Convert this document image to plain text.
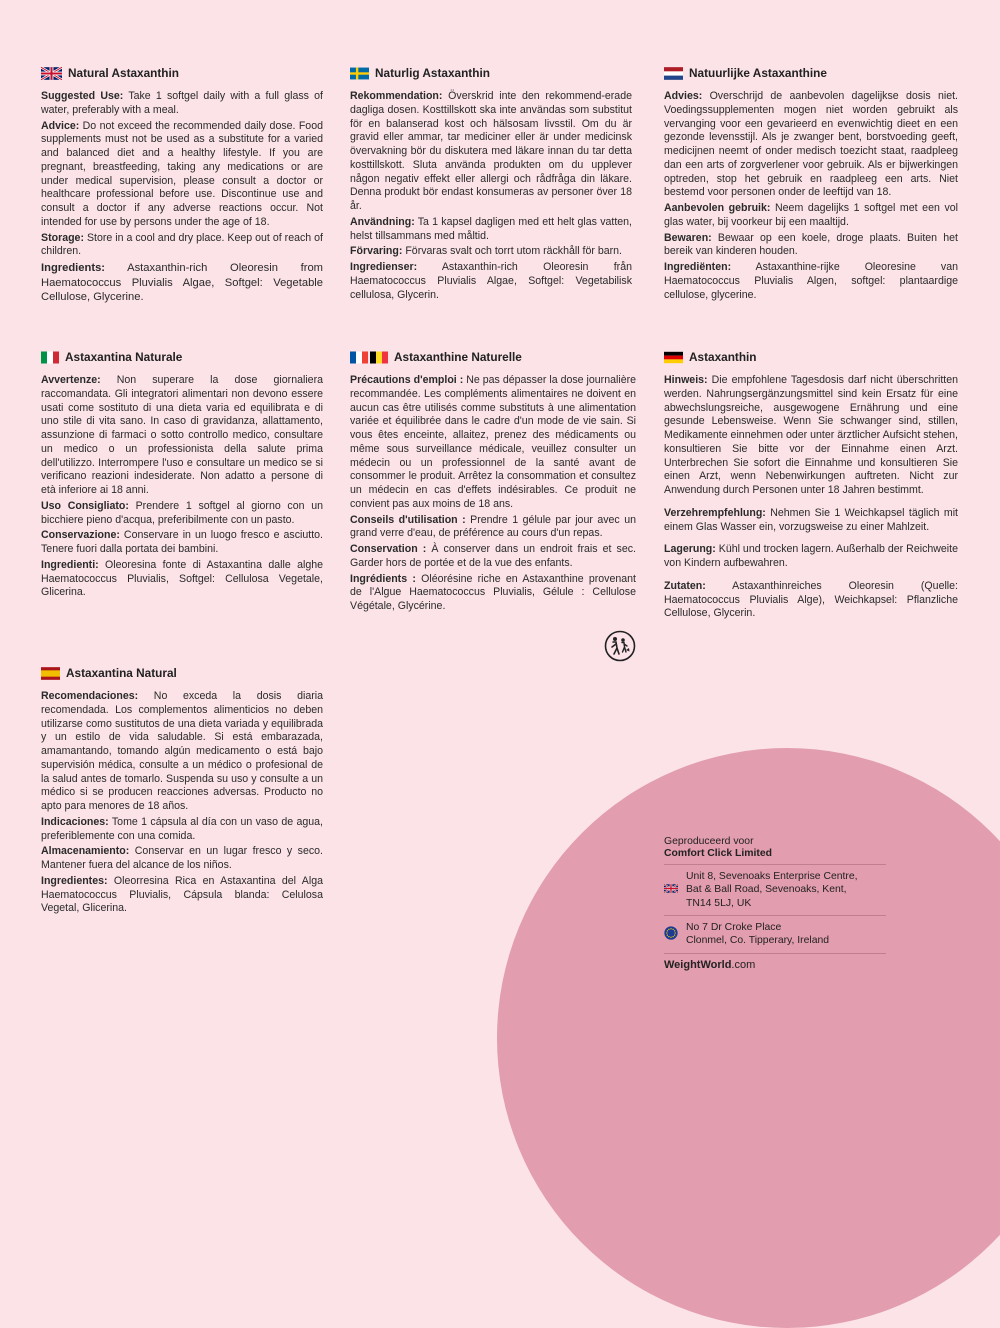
Natural Astaxanthin

Suggested Use: Take 1 softgel daily with a full glass of water, preferably with a meal.

Advice: Do not exceed the recommended daily dose. Food supplements must not be used as a substitute for a varied and balanced diet and a healthy lifestyle. If you are pregnant, breastfeeding, taking any medications or are under medical supervision, please consult a doctor or healthcare professional before use. Discontinue use and consult a doctor if any adverse reactions occur. Not intended for use by persons under the age of 18.

Storage: Store in a cool and dry place. Keep out of reach of children.

Ingredients: Astaxanthin-rich Oleoresin from Haematococcus Pluvialis Algae, Softgel: Vegetable Cellulose, Glycerine.

Naturlig Astaxanthin

Rekommendation: Överskrid inte den rekommend-erade dagliga dosen. Kosttillskott ska inte användas som substitut för en balanserad kost och hälsosam livsstil. Om du är gravid eller ammar, tar mediciner eller är under medicinsk övervakning bör du diskutera med läkare innan du tar detta kosttillskott. Sluta använda produkten om du upplever någon negativ effekt eller allergi och rådfråga din läkare. Denna produkt bör endast konsumeras av personer över 18 år.

Användning: Ta 1 kapsel dagligen med ett helt glas vatten, helst tillsammans med måltid.

Förvaring: Förvaras svalt och torrt utom räckhåll för barn.

Ingredienser: Astaxanthin-rich Oleoresin från Haematococcus Pluvialis Algae, Softgel: Vegetabilisk cellulosa, Glycerin.

Natuurlijke Astaxanthine

Advies: Overschrijd de aanbevolen dagelijkse dosis niet. Voedingssupplementen mogen niet worden gebruikt als vervanging voor een gevarieerd en evenwichtig dieet en een gezonde levensstijl. Als je zwanger bent, borstvoeding geeft, medicijnen neemt of onder medisch toezicht staat, raadpleeg dan een arts of zorgverlener voor gebruik. Als er bijwerkingen optreden, stop het gebruik en raadpleeg een arts. Niet bestemd voor personen onder de leeftijd van 18.

Aanbevolen gebruik: Neem dagelijks 1 softgel met een vol glas water, bij voorkeur bij een maaltijd.

Bewaren: Bewaar op een koele, droge plaats. Buiten het bereik van kinderen houden.

Ingrediënten: Astaxanthine-rijke Oleoresine van Haematococcus Pluvialis Algen, softgel: plantaardige cellulose, glycerine.

Astaxantina Naturale

Avvertenze: Non superare la dose giornaliera raccomandata. Gli integratori alimentari non devono essere usati come sostituto di una dieta varia ed equilibrata e di uno stile di vita sano. In caso di gravidanza, allattamento, assunzione di farmaci o sotto controllo medico, consultare un medico o un professionista della salute prima dell'utilizzo. Interrompere l'uso e consultare un medico se si verificano reazioni indesiderate. Non adatto a persone di età inferiore ai 18 anni.

Uso Consigliato: Prendere 1 softgel al giorno con un bicchiere pieno d'acqua, preferibilmente con un pasto.

Conservazione: Conservare in un luogo fresco e asciutto. Tenere fuori dalla portata dei bambini.

Ingredienti: Oleoresina fonte di Astaxantina dalle alghe Haematococcus Pluvialis, Softgel: Cellulosa Vegetale, Glicerina.

Astaxanthine Naturelle

Précautions d'emploi : Ne pas dépasser la dose journalière recommandée. Les compléments alimentaires ne doivent en aucun cas être utilisés comme substituts à une alimentation variée et équilibrée dans le cadre d'un mode de vie sain. Si vous êtes enceinte, allaitez, prenez des médicaments ou même sous surveillance médicale, veuillez consulter un médecin ou un professionnel de la santé avant de consommer le produit. Arrêtez la consommation et consultez un médecin en cas d'effets indésirables. Ce produit ne convient pas aux moins de 18 ans.

Conseils d'utilisation : Prendre 1 gélule par jour avec un grand verre d'eau, de préférence au cours d'un repas.

Conservation : À conserver dans un endroit frais et sec. Garder hors de portée et de la vue des enfants.

Ingrédients : Oléorésine riche en Astaxanthine provenant de l'Algue Haematococcus Pluvialis, Gélule : Cellulose Végétale, Glycérine.

Astaxanthin

Hinweis: Die empfohlene Tagesdosis darf nicht überschritten werden. Nahrungsergänzungsmittel sind kein Ersatz für eine abwechslungsreiche, ausgewogene Ernährung und eine gesunde Lebensweise. Wenn Sie schwanger sind, stillen, Medikamente einnehmen oder unter ärztlicher Aufsicht stehen, konsultieren Sie bitte vor der Einnahme einen Arzt. Unterbrechen Sie sofort die Einnahme und konsultieren Sie einen Arzt, wenn Nebenwirkungen auftreten. Nicht zur Anwendung durch Personen unter 18 Jahren bestimmt.

Verzehrempfehlung: Nehmen Sie 1 Weichkapsel täglich mit einem Glas Wasser ein, vorzugsweise zu einer Mahlzeit.

Lagerung: Kühl und trocken lagern. Außerhalb der Reichweite von Kindern aufbewahren.

Zutaten: Astaxanthinreiches Oleoresin (Quelle: Haematococcus Pluvialis Alge), Weichkapsel: Pflanzliche Cellulose, Glycerin.

Astaxantina Natural

Recomendaciones: No exceda la dosis diaria recomendada. Los complementos alimenticios no deben utilizarse como sustitutos de una dieta variada y equilibrada y un estilo de vida saludable. Si está embarazada, amamantando, tomando algún medicamento o está bajo supervisión médica, consulte a un médico o profesional de la salud antes de tomarlo. Suspenda su uso y consulte a un médico si se producen reacciones adversas. Producto no apto para menores de 18 años.

Indicaciones: Tome 1 cápsula al día con un vaso de agua, preferiblemente con una comida.

Almacenamiento: Conservar en un lugar fresco y seco. Mantener fuera del alcance de los niños.

Ingredientes: Oleorresina Rica en Astaxantina del Alga Haematococcus Pluvialis, Cápsula blanda: Celulosa Vegetal, Glicerina.

Geproduceerd voor
Comfort Click Limited
Unit 8, Sevenoaks Enterprise Centre,
Bat & Ball Road, Sevenoaks, Kent,
TN14 5LJ, UK
No 7 Dr Croke Place
Clonmel, Co. Tipperary, Ireland
WeightWorld.com
